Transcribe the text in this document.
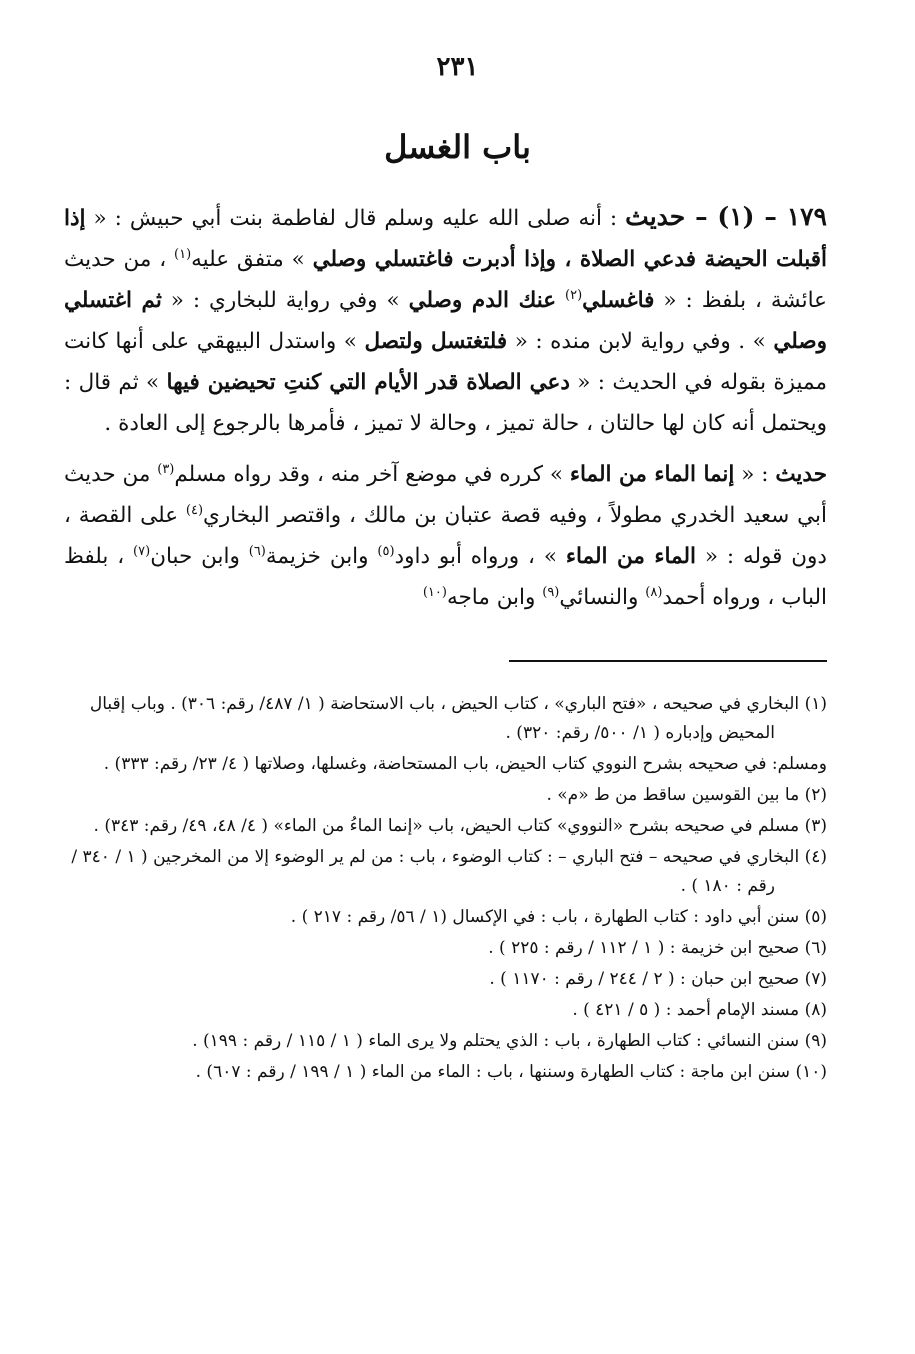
٢٣١
باب الغسل

١٧٩ – (١) – حديث : أنه صلى الله عليه وسلم قال لفاطمة بنت أبي حبيش : « إذا أقبلت الحيضة فدعي الصلاة ، وإذا أدبرت فاغتسلي وصلي » متفق عليه$^{(١)}$ ، من حديث عائشة ، بلفظ : « فاغسلي$^{(٢)}$ عنك الدم وصلي » وفي رواية للبخاري : « ثم اغتسلي وصلي » . وفي رواية لابن منده : « فلتغتسل ولتصل » واستدل البيهقي على أنها كانت مميزة بقوله في الحديث : « دعي الصلاة قدر الأيام التي كنتِ تحيضين فيها » ثم قال : ويحتمل أنه كان لها حالتان ، حالة تميز ، وحالة لا تميز ، فأمرها بالرجوع إلى العادة .

حديث : « إنما الماء من الماء » كرره في موضع آخر منه ، وقد رواه مسلم$^{(٣)}$ من حديث أبي سعيد الخدري مطولاً ، وفيه قصة عتبان بن مالك ، واقتصر البخاري$^{(٤)}$ على القصة ، دون قوله : « الماء من الماء » ، ورواه أبو داود$^{(٥)}$ وابن خزيمة$^{(٦)}$ وابن حبان$^{(٧)}$ ، بلفظ الباب ، ورواه أحمد$^{(٨)}$ والنسائي$^{(٩)}$ وابن ماجه$^{(١٠)}$

(١) البخاري في صحيحه ، «فتح الباري» ، كتاب الحيض ، باب الاستحاضة ( ١/ ٤٨٧/ رقم: ٣٠٦) . وباب إقبال المحيض وإدباره ( ١/ ٥٠٠/ رقم: ٣٢٠) .

ومسلم: في صحيحه بشرح النووي كتاب الحيض، باب المستحاضة، وغسلها، وصلاتها ( ٤/ ٢٣/ رقم: ٣٣٣) .

(٢) ما بين القوسين ساقط من ط «م» .

(٣) مسلم في صحيحه بشرح «النووي» كتاب الحيض، باب «إنما الماءُ من الماء» ( ٤/ ٤٨، ٤٩/ رقم: ٣٤٣) .

(٤) البخاري في صحيحه – فتح الباري – : كتاب الوضوء ، باب : من لم ير الوضوء إلا من المخرجين ( ١ / ٣٤٠ / رقم : ١٨٠ ) .

(٥) سنن أبي داود : كتاب الطهارة ، باب : في الإكسال (١ / ٥٦/ رقم : ٢١٧ ) .

(٦) صحيح ابن خزيمة : ( ١ / ١١٢ / رقم : ٢٢٥ ) .

(٧) صحيح ابن حبان : ( ٢ / ٢٤٤ / رقم : ١١٧٠ ) .

(٨) مسند الإمام أحمد : ( ٥ / ٤٢١ ) .

(٩) سنن النسائي : كتاب الطهارة ، باب : الذي يحتلم ولا يرى الماء ( ١ / ١١٥ / رقم : ١٩٩) .

(١٠) سنن ابن ماجة : كتاب الطهارة وسننها ، باب : الماء من الماء ( ١ / ١٩٩ / رقم : ٦٠٧) .
